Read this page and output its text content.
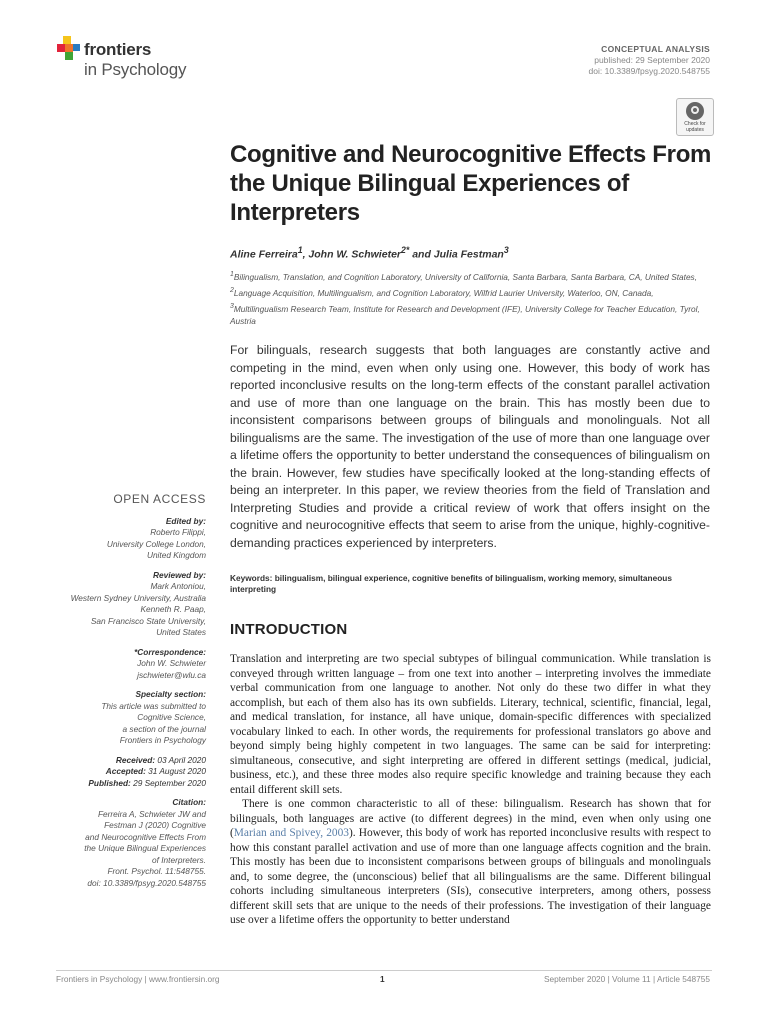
frontiers
in Psychology
CONCEPTUAL ANALYSIS
published: 29 September 2020
doi: 10.3389/fpsyg.2020.548755
Check for
updates
Cognitive and Neurocognitive Effects From the Unique Bilingual Experiences of Interpreters
Aline Ferreira$^1$, John W. Schwieter$^{2*}$ and Julia Festman$^3$
$^1$Bilingualism, Translation, and Cognition Laboratory, University of California, Santa Barbara, Santa Barbara, CA, United States, $^2$Language Acquisition, Multilingualism, and Cognition Laboratory, Wilfrid Laurier University, Waterloo, ON, Canada, $^3$Multilingualism Research Team, Institute for Research and Development (IFE), University College for Teacher Education, Tyrol, Austria
For bilinguals, research suggests that both languages are constantly active and competing in the mind, even when only using one. However, this body of work has reported inconclusive results on the long-term effects of the constant parallel activation and use of more than one language on the brain. This has mostly been due to inconsistent comparisons between groups of bilinguals and monolinguals. Not all bilingualisms are the same. The investigation of the use of more than one language over a lifetime offers the opportunity to better understand the consequences of bilingualism on the brain. However, few studies have specifically looked at the long-standing effects of being an interpreter. In this paper, we review theories from the field of Translation and Interpreting Studies and provide a critical review of work that offers insight on the cognitive and neurocognitive effects that seem to arise from the unique, highly-cognitive-demanding practices experienced by interpreters.
Keywords: bilingualism, bilingual experience, cognitive benefits of bilingualism, working memory, simultaneous interpreting
INTRODUCTION

Translation and interpreting are two special subtypes of bilingual communication. While translation is conveyed through written language – from one text into another – interpreting involves the immediate verbal communication from one language to another. Not only do these two differ in what they accomplish, but each of them also has its own subfields. Literary, technical, scientific, financial, legal, and medical translation, for instance, all have unique, domain-specific differences with specialized vocabulary linked to each. In other words, the requirements for professional translators go above and beyond simply being highly competent in two languages. The same can be said for interpreting: simultaneous, consecutive, and sight interpreting are offered in different settings (medical, judicial, business, etc.), and these three modes also require specific knowledge and training because they each entail different skill sets.

There is one common characteristic to all of these: bilingualism. Research has shown that for bilinguals, both languages are active (to different degrees) in the mind, even when only using one (Marian and Spivey, 2003). However, this body of work has reported inconclusive results with respect to how this constant parallel activation and use of more than one language affects cognition and the brain. This mostly has been due to inconsistent comparisons between groups of bilinguals and monolinguals and, to some degree, the (unconscious) belief that all bilingualisms are the same. Different bilingual cohorts including simultaneous interpreters (SIs), consecutive interpreters, among others, possess different skill sets that are unique to the needs of their professions. The investigation of their language use over a lifetime offers the opportunity to better understand

OPEN ACCESS
Edited by:
Roberto Filippi,
University College London,
United Kingdom
Reviewed by:
Mark Antoniou,
Western Sydney University, Australia
Kenneth R. Paap,
San Francisco State University,
United States
*Correspondence:
John W. Schwieter
jschwieter@wlu.ca
Specialty section:
This article was submitted to
Cognitive Science,
a section of the journal
Frontiers in Psychology
Received: 03 April 2020
Accepted: 31 August 2020
Published: 29 September 2020
Citation:
Ferreira A, Schwieter JW and
Festman J (2020) Cognitive
and Neurocognitive Effects From
the Unique Bilingual Experiences
of Interpreters.
Front. Psychol. 11:548755.
doi: 10.3389/fpsyg.2020.548755
Frontiers in Psychology | www.frontiersin.org	1	September 2020 | Volume 11 | Article 548755
